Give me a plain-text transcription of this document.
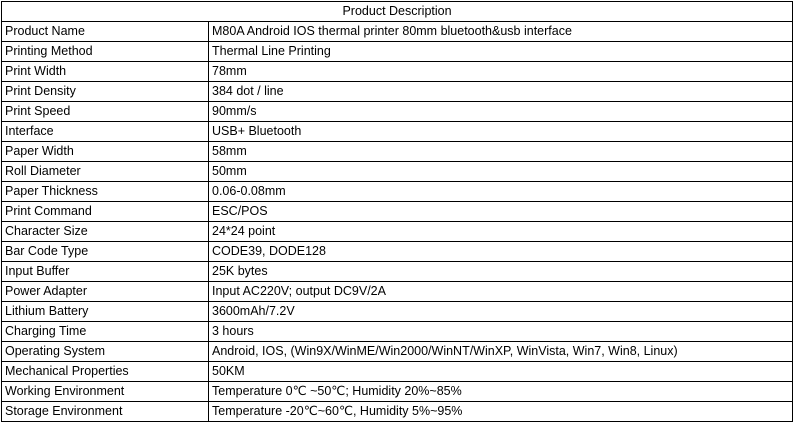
Product Description	
Product Name	M80A Android IOS thermal printer 80mm bluetooth&usb interface
Printing Method	Thermal Line Printing
Print Width	78mm
Print Density	384 dot / line
Print Speed	90mm/s
Interface	USB+ Bluetooth
Paper Width	58mm
Roll Diameter	50mm
Paper Thickness	0.06-0.08mm
Print Command	ESC/POS
Character Size	24*24 point
Bar Code Type	CODE39, DODE128
Input Buffer	25K bytes
Power Adapter	Input AC220V; output DC9V/2A
Lithium Battery	3600mAh/7.2V
Charging Time	3 hours
Operating System	Android, IOS, (Win9X/WinME/Win2000/WinNT/WinXP, WinVista, Win7, Win8, Linux)
Mechanical Properties	50KM
Working Environment	Temperature 0℃ ~50℃; Humidity 20%~85%
Storage Environment	Temperature -20℃~60℃, Humidity 5%~95%
